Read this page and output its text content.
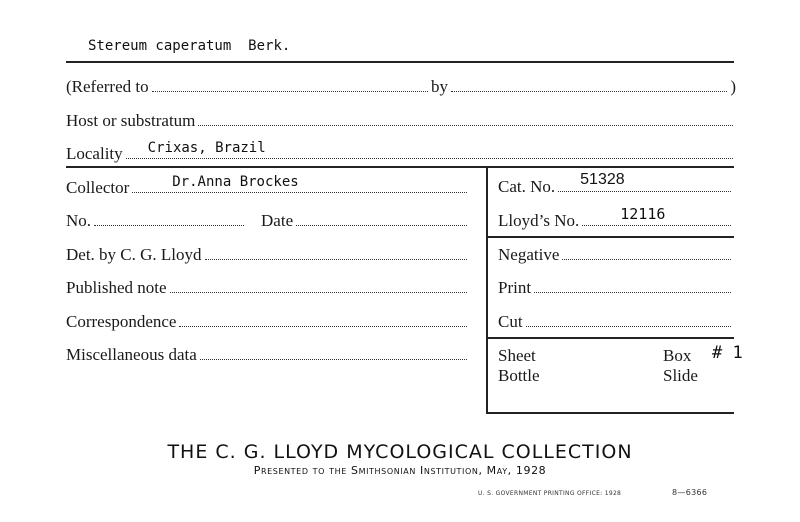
Stereum caperatum Berk.
(Referred to	by	)
Host or substratum
Locality Crixas, Brazil
Collector	Dr.Anna Brockes
No.	Date
Det. by C. G. Lloyd
Published note
Correspondence
Miscellaneous data
Cat. No. 51328
Lloyd’s No.	12116
Negative
Print
Cut
Sheet	Box # 1
Bottle	Slide
THE C. G. LLOYD MYCOLOGICAL COLLECTION
Presented to the Smithsonian Institution, May, 1928
U. S. GOVERNMENT PRINTING OFFICE: 1928	8—6366
